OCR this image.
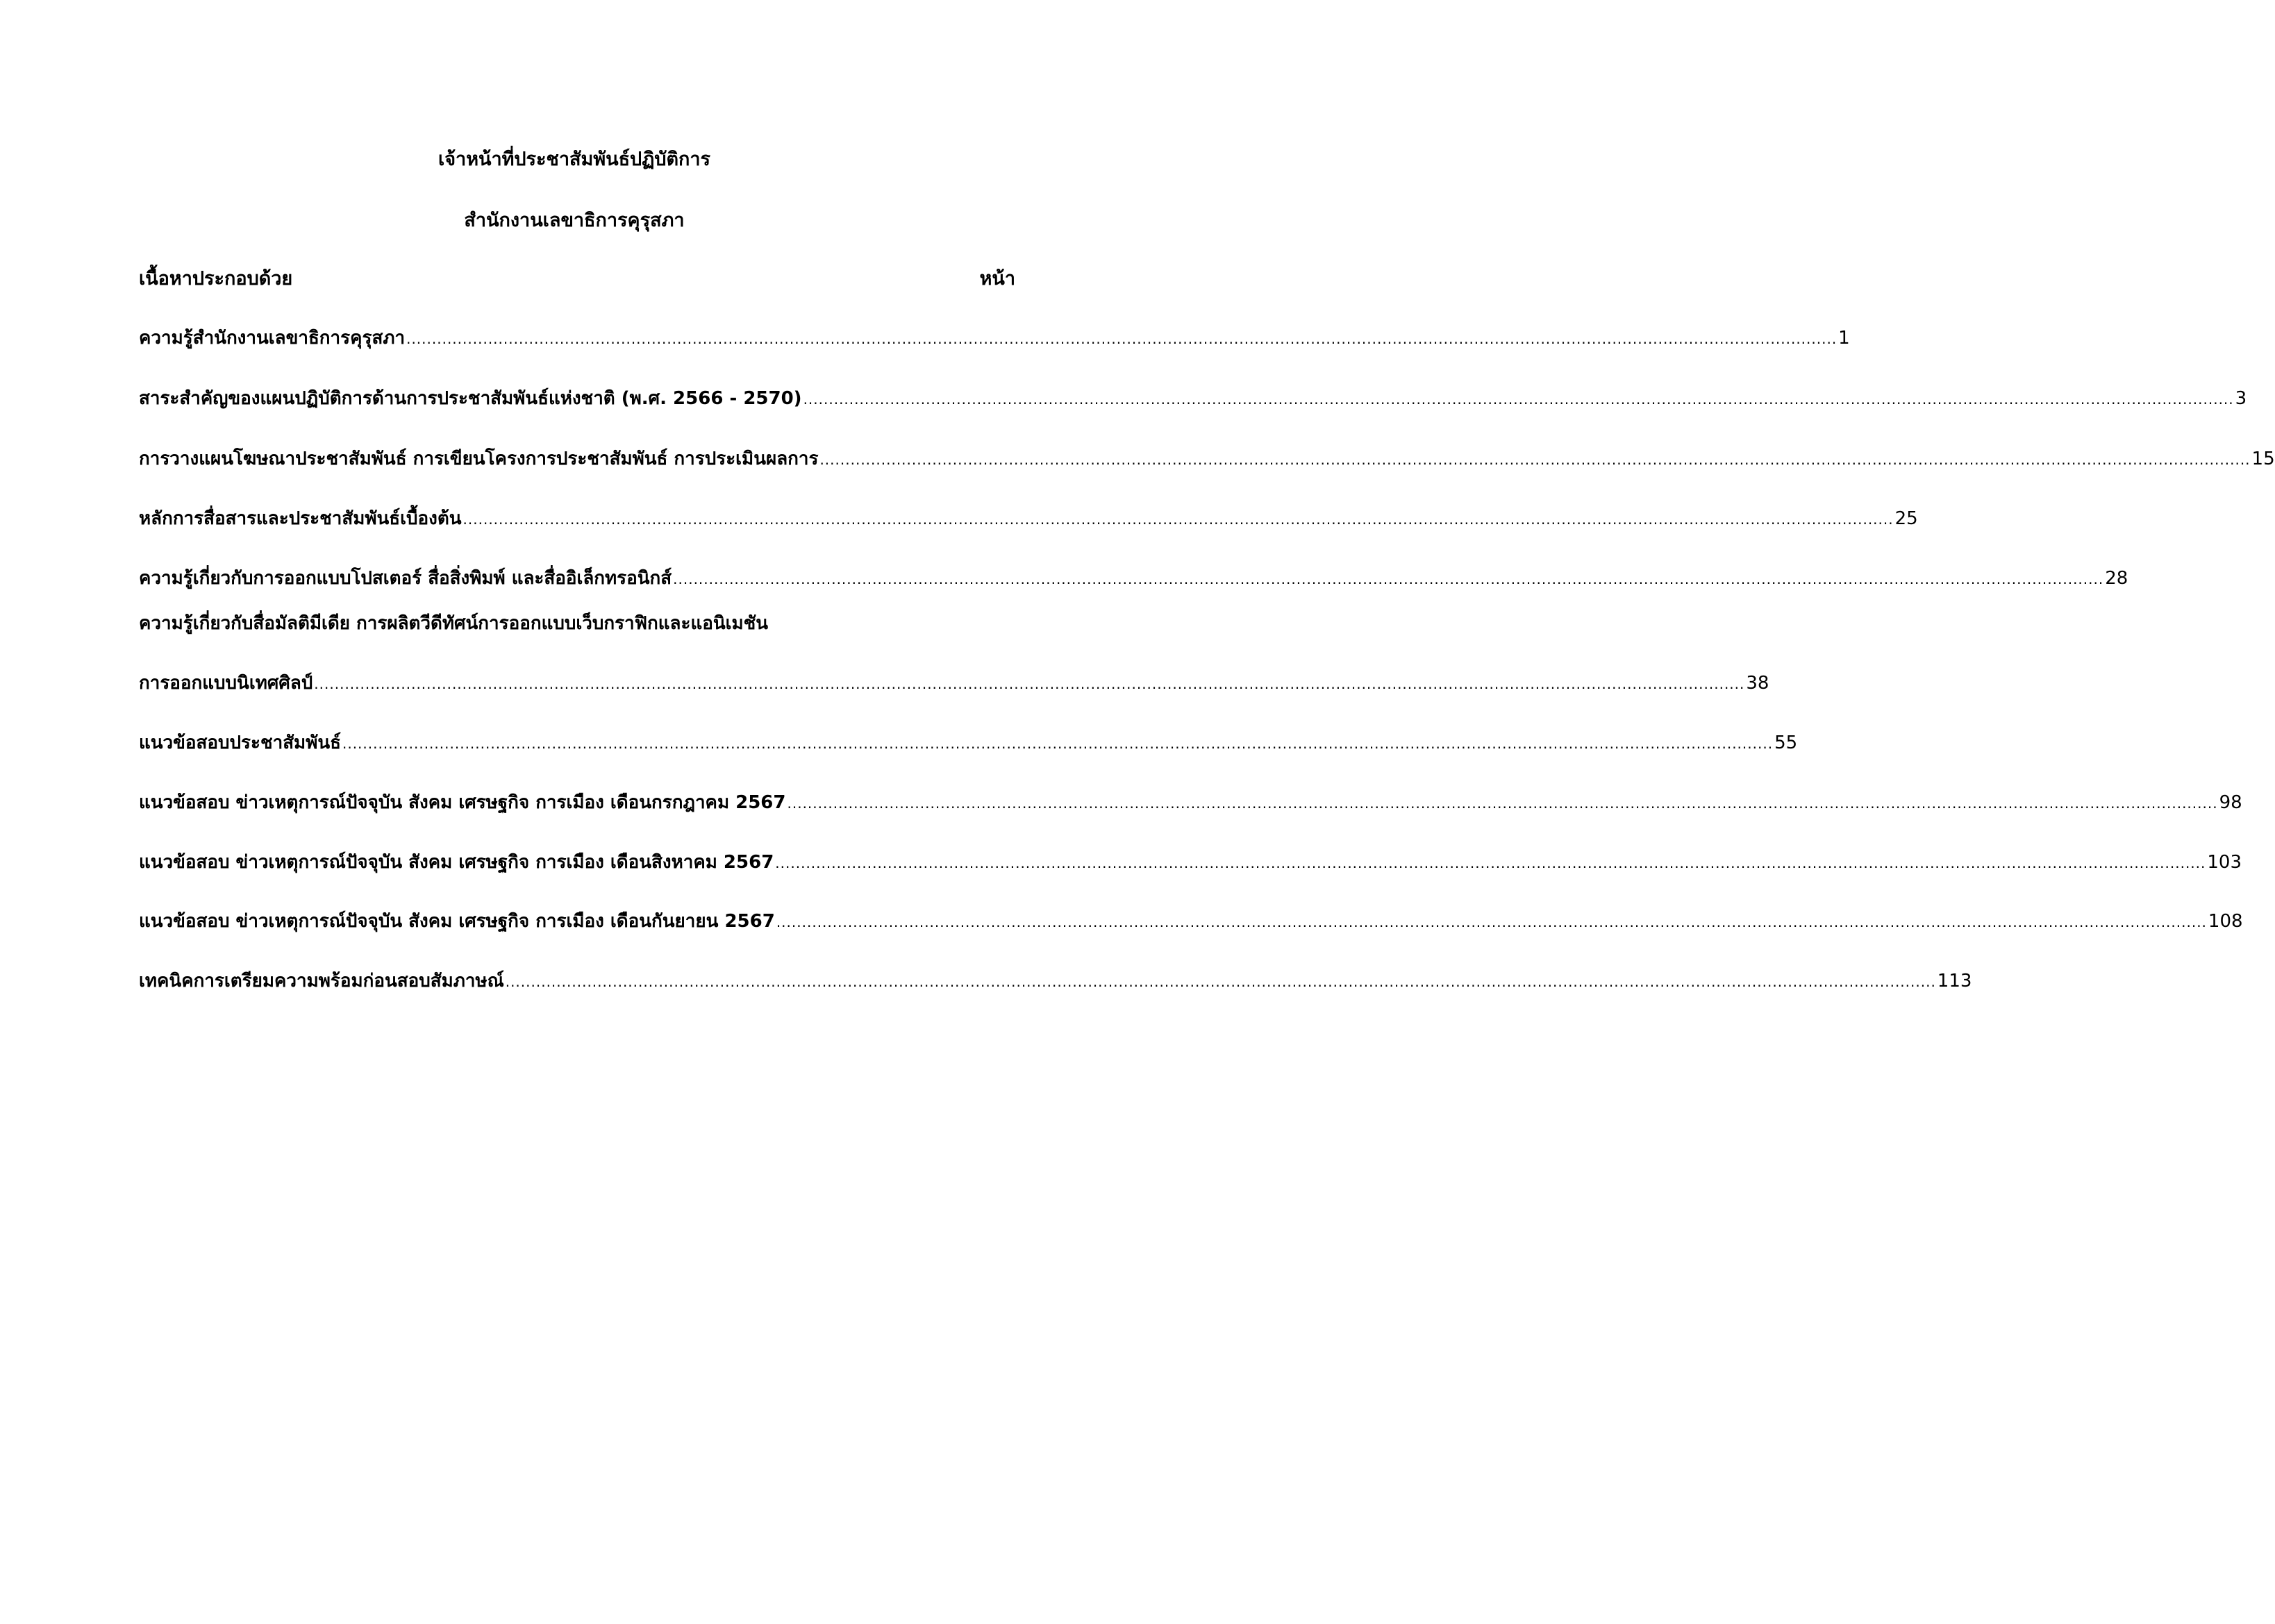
เจ้าหน้าที่ประชาสัมพันธ์ปฏิบัติการ
สำนักงานเลขาธิการคุรุสภา
เนื้อหาประกอบด้วย	หน้า
ความรู้สำนักงานเลขาธิการคุรุสภา ........................................................................................................................................................................................................................................................................................ 1
สาระสำคัญของแผนปฏิบัติการด้านการประชาสัมพันธ์แห่งชาติ (พ.ศ. 2566 - 2570) ........................................................................................................................................................................................................................................................................................ 3
การวางแผนโฆษณาประชาสัมพันธ์ การเขียนโครงการประชาสัมพันธ์ การประเมินผลการ ........................................................................................................................................................................................................................................................................................ 15
หลักการสื่อสารและประชาสัมพันธ์เบื้องต้น ........................................................................................................................................................................................................................................................................................ 25
ความรู้เกี่ยวกับการออกแบบโปสเตอร์ สื่อสิ่งพิมพ์ และสื่ออิเล็กทรอนิกส์ ........................................................................................................................................................................................................................................................................................ 28
ความรู้เกี่ยวกับสื่อมัลติมีเดีย การผลิตวีดีทัศน์การออกแบบเว็บกราฟิกและแอนิเมชัน
การออกแบบนิเทศศิลป์ ........................................................................................................................................................................................................................................................................................ 38
แนวข้อสอบประชาสัมพันธ์ ........................................................................................................................................................................................................................................................................................ 55
แนวข้อสอบ ข่าวเหตุการณ์ปัจจุบัน สังคม เศรษฐกิจ การเมือง เดือนกรกฎาคม 2567 ........................................................................................................................................................................................................................................................................................ 98
แนวข้อสอบ ข่าวเหตุการณ์ปัจจุบัน สังคม เศรษฐกิจ การเมือง เดือนสิงหาคม 2567 ........................................................................................................................................................................................................................................................................................ 103
แนวข้อสอบ ข่าวเหตุการณ์ปัจจุบัน สังคม เศรษฐกิจ การเมือง เดือนกันยายน 2567 ........................................................................................................................................................................................................................................................................................ 108
เทคนิคการเตรียมความพร้อมก่อนสอบสัมภาษณ์ ........................................................................................................................................................................................................................................................................................ 113
